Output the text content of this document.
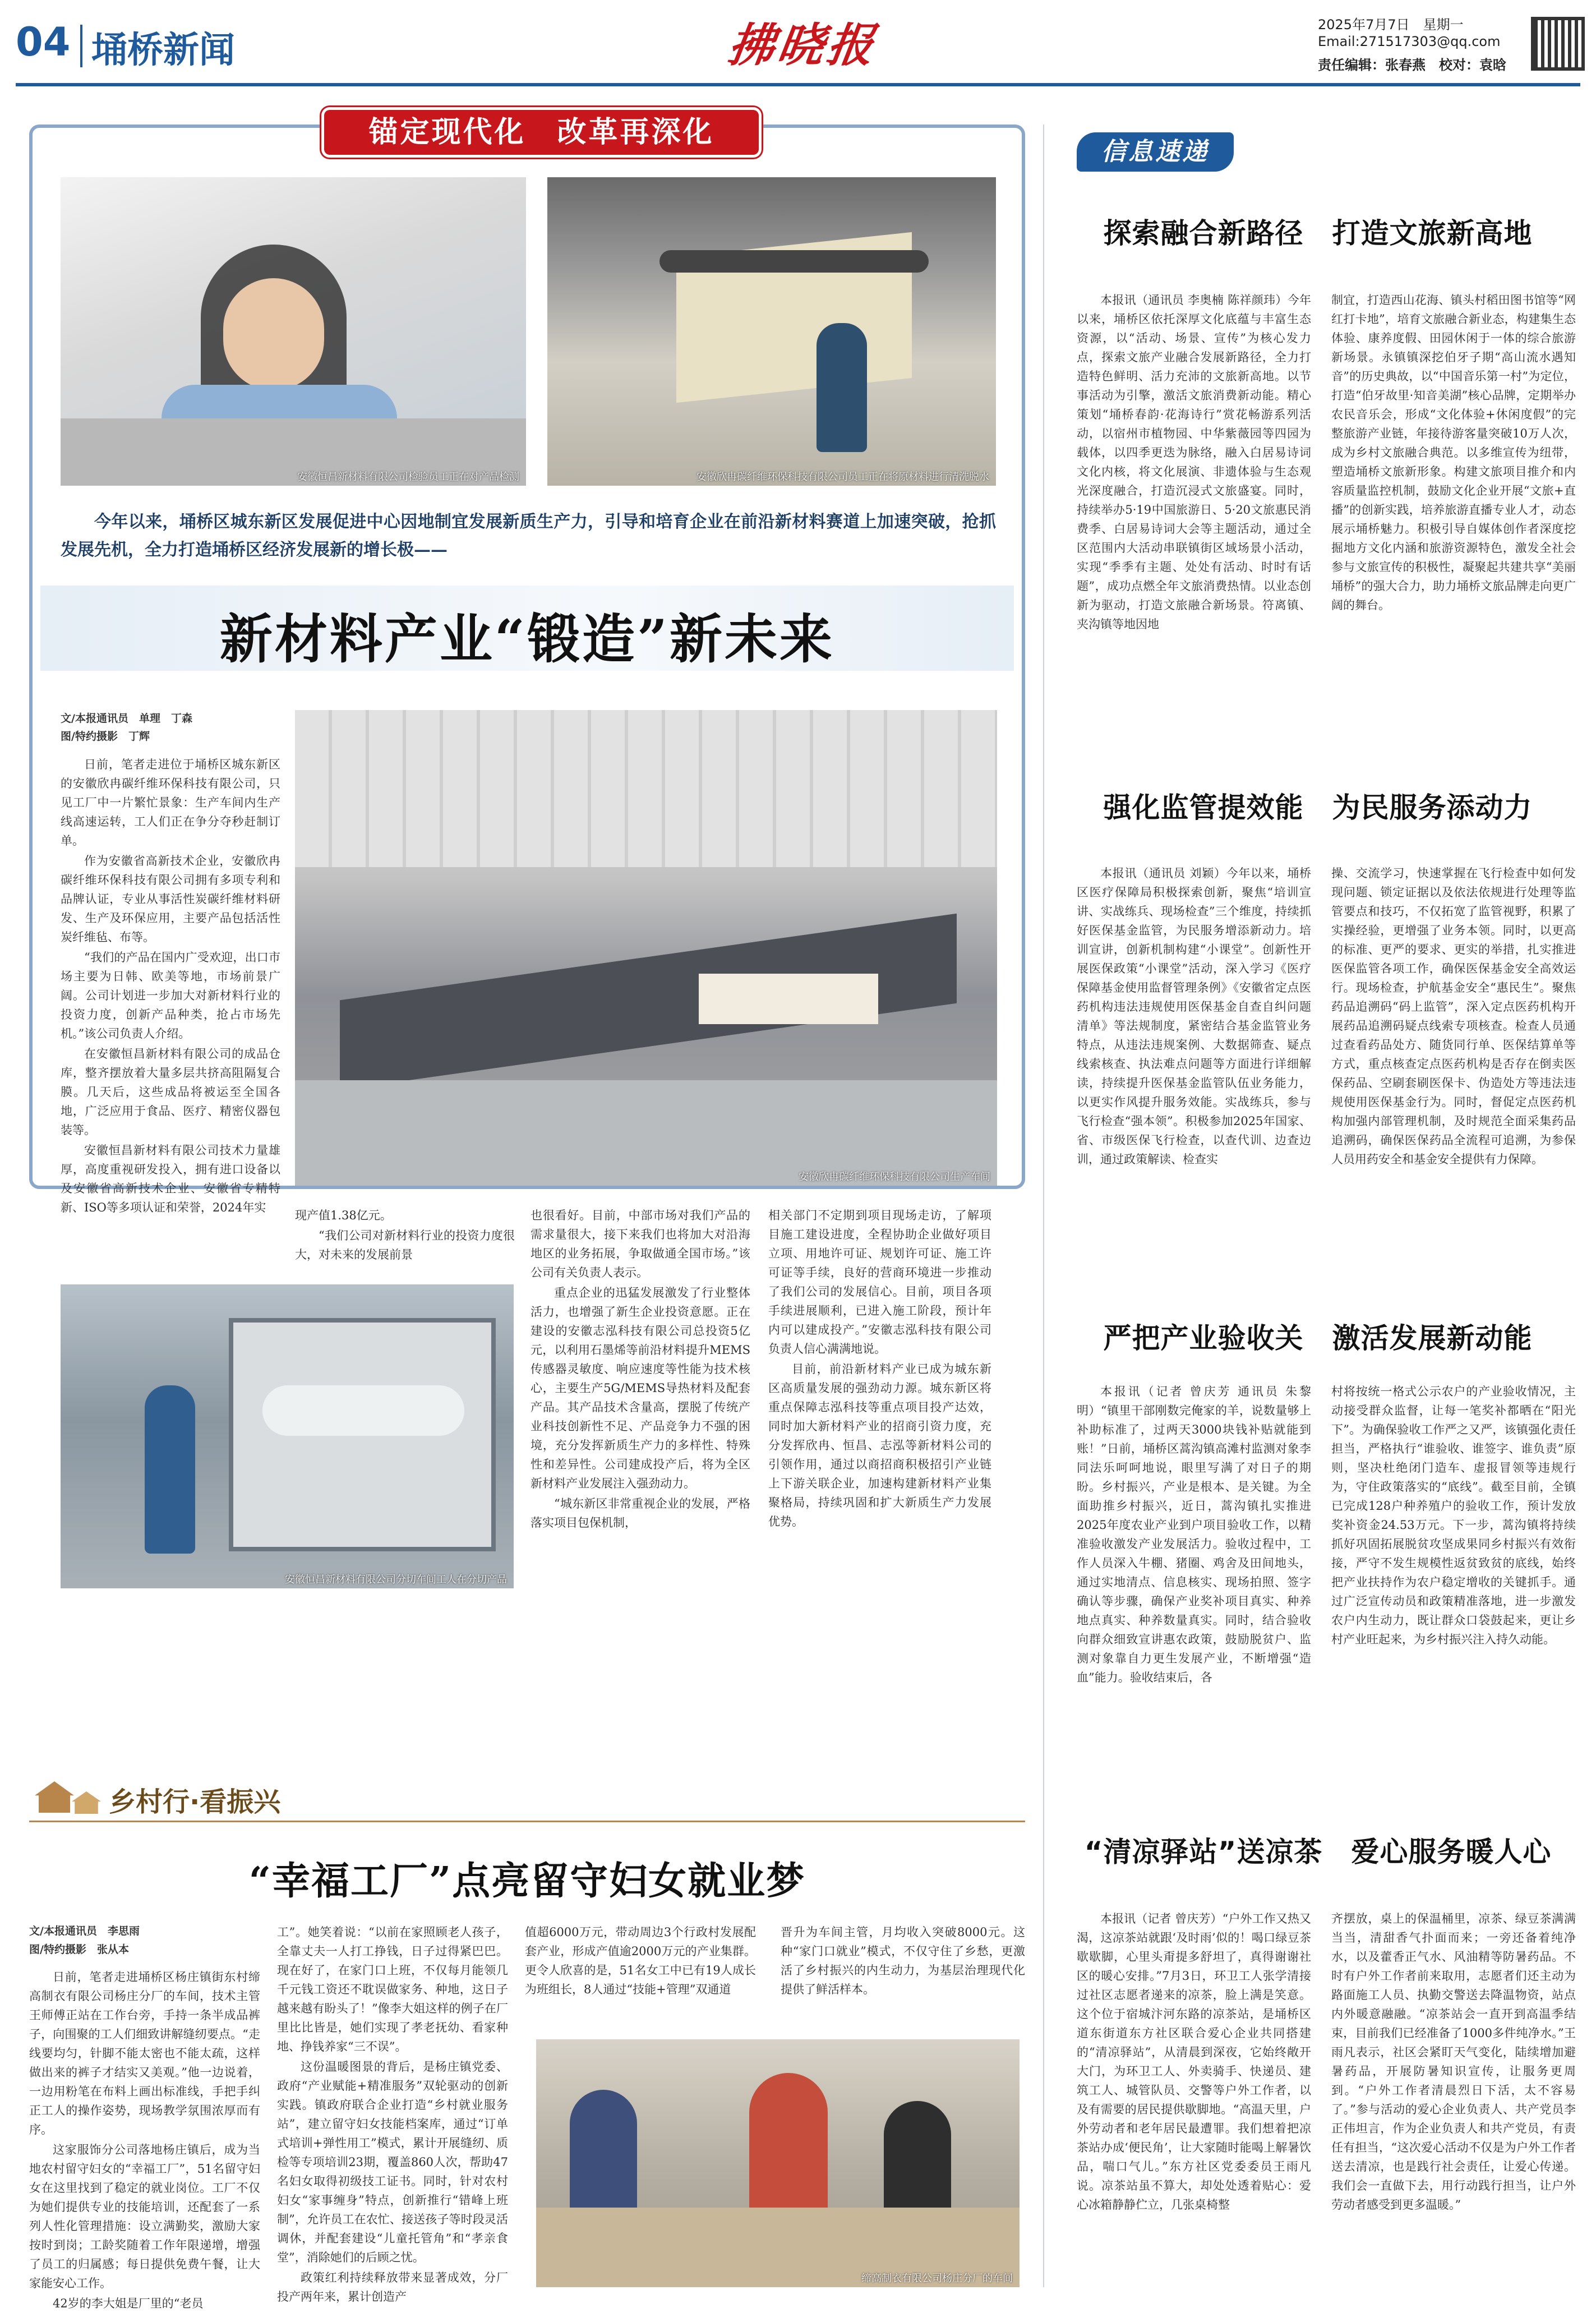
04 埇桥新闻	拂晓报	2025年7月7日　星期一
Email:271517303@qq.com
责任编辑：张春燕　校对：袁晗
锚定现代化　改革再深化
安徽恒昌新材料有限公司检验员工正在对产品检测	安徽欣冉碳纤维环保科技有限公司员工正在将原材料进行清洗脱水
今年以来，埇桥区城东新区发展促进中心因地制宜发展新质生产力，引导和培育企业在前沿新材料赛道上加速突破，抢抓发展先机，全力打造埇桥区经济发展新的增长极——
新材料产业“锻造”新未来
文/本报通讯员　单理　丁森
图/特约摄影　丁辉

日前，笔者走进位于埇桥区城东新区的安徽欣冉碳纤维环保科技有限公司，只见工厂中一片繁忙景象：生产车间内生产线高速运转，工人们正在争分夺秒赶制订单。

作为安徽省高新技术企业，安徽欣冉碳纤维环保科技有限公司拥有多项专利和品牌认证，专业从事活性炭碳纤维材料研发、生产及环保应用，主要产品包括活性炭纤维毡、布等。

“我们的产品在国内广受欢迎，出口市场主要为日韩、欧美等地，市场前景广阔。公司计划进一步加大对新材料行业的投资力度，创新产品种类，抢占市场先机。”该公司负责人介绍。

在安徽恒昌新材料有限公司的成品仓库，整齐摆放着大量多层共挤高阻隔复合膜。几天后，这些成品将被运至全国各地，广泛应用于食品、医疗、精密仪器包装等。

安徽恒昌新材料有限公司技术力量雄厚，高度重视研发投入，拥有进口设备以及安徽省高新技术企业、安徽省专精特新、ISO等多项认证和荣誉，2024年实

安徽欣冉碳纤维环保科技有限公司生产车间

现产值1.38亿元。

“我们公司对新材料行业的投资力度很大，对未来的发展前景

安徽恒昌新材料有限公司分切车间工人在分切产品

也很看好。目前，中部市场对我们产品的需求量很大，接下来我们也将加大对沿海地区的业务拓展，争取做通全国市场。”该公司有关负责人表示。

重点企业的迅猛发展激发了行业整体活力，也增强了新生企业投资意愿。正在建设的安徽志泓科技有限公司总投资5亿元，以利用石墨烯等前沿材料提升MEMS传感器灵敏度、响应速度等性能为技术核心，主要生产5G/MEMS导热材料及配套产品。其产品技术含量高，摆脱了传统产业科技创新性不足、产品竞争力不强的困境，充分发挥新质生产力的多样性、特殊性和差异性。公司建成投产后，将为全区新材料产业发展注入强劲动力。

“城东新区非常重视企业的发展，严格落实项目包保机制，

相关部门不定期到项目现场走访，了解项目施工建设进度，全程协助企业做好项目立项、用地许可证、规划许可证、施工许可证等手续，良好的营商环境进一步推动了我们公司的发展信心。目前，项目各项手续进展顺利，已进入施工阶段，预计年内可以建成投产。”安徽志泓科技有限公司负责人信心满满地说。

目前，前沿新材料产业已成为城东新区高质量发展的强劲动力源。城东新区将重点保障志泓科技等重点项目投产达效，同时加大新材料产业的招商引资力度，充分发挥欣冉、恒昌、志泓等新材料公司的引领作用，通过以商招商积极招引产业链上下游关联企业，加速构建新材料产业集聚格局，持续巩固和扩大新质生产力发展优势。

乡村行·看振兴
“幸福工厂”点亮留守妇女就业梦
文/本报通讯员　李思雨
图/特约摄影　张从本

日前，笔者走进埇桥区杨庄镇街东村缔高制衣有限公司杨庄分厂的车间，技术主管王师傅正站在工作台旁，手持一条半成品裤子，向围聚的工人们细致讲解缝纫要点。“走线要均匀，针脚不能太密也不能太疏，这样做出来的裤子才结实又美观。”他一边说着，一边用粉笔在布料上画出标准线，手把手纠正工人的操作姿势，现场教学氛围浓厚而有序。

这家服饰分公司落地杨庄镇后，成为当地农村留守妇女的“幸福工厂”，51名留守妇女在这里找到了稳定的就业岗位。工厂不仅为她们提供专业的技能培训，还配套了一系列人性化管理措施：设立满勤奖，激励大家按时到岗；工龄奖随着工作年限递增，增强了员工的归属感；每日提供免费午餐，让大家能安心工作。

42岁的李大姐是厂里的“老员

工”。她笑着说：“以前在家照顾老人孩子，全靠丈夫一人打工挣钱，日子过得紧巴巴。现在好了，在家门口上班，不仅每月能领几千元钱工资还不耽误做家务、种地，这日子越来越有盼头了！”像李大姐这样的例子在厂里比比皆是，她们实现了孝老抚幼、看家种地、挣钱养家“三不误”。

这份温暖图景的背后，是杨庄镇党委、政府“产业赋能+精准服务”双轮驱动的创新实践。镇政府联合企业打造“乡村就业服务站”，建立留守妇女技能档案库，通过“订单式培训+弹性用工”模式，累计开展缝纫、质检等专项培训23期，覆盖860人次，帮助47名妇女取得初级技工证书。同时，针对农村妇女“家事缠身”特点，创新推行“错峰上班制”，允许员工在农忙、接送孩子等时段灵活调休，并配套建设“儿童托管角”和“孝亲食堂”，消除她们的后顾之忧。

政策红利持续释放带来显著成效，分厂投产两年来，累计创造产

值超6000万元，带动周边3个行政村发展配套产业，形成产值逾2000万元的产业集群。更令人欣喜的是，51名女工中已有19人成长为班组长，8人通过“技能+管理”双通道

晋升为车间主管，月均收入突破8000元。这种“家门口就业”模式，不仅守住了乡愁，更激活了乡村振兴的内生动力，为基层治理现代化提供了鲜活样本。

缔高制衣有限公司杨庄分厂的车间
信息速递
探索融合新路径　打造文旅新高地
本报讯（通讯员 李奥楠 陈祥颜玮）今年以来，埇桥区依托深厚文化底蕴与丰富生态资源，以“活动、场景、宣传”为核心发力点，探索文旅产业融合发展新路径，全力打造特色鲜明、活力充沛的文旅新高地。以节事活动为引擎，激活文旅消费新动能。精心策划“埇桥春韵·花海诗行”赏花畅游系列活动，以宿州市植物园、中华紫薇园等四园为载体，以四季更迭为脉络，融入白居易诗词文化内核，将文化展演、非遗体验与生态观光深度融合，打造沉浸式文旅盛宴。同时，持续举办5·19中国旅游日、5·20文旅惠民消费季、白居易诗词大会等主题活动，通过全区范围内大活动串联镇街区域场景小活动，实现“季季有主题、处处有活动、时时有话题”，成功点燃全年文旅消费热情。以业态创新为驱动，打造文旅融合新场景。符离镇、夹沟镇等地因地
制宜，打造西山花海、镇头村稻田图书馆等“网红打卡地”，培育文旅融合新业态，构建集生态体验、康养度假、田园休闲于一体的综合旅游新场景。永镇镇深挖伯牙子期“高山流水遇知音”的历史典故，以“中国音乐第一村”为定位，打造“伯牙故里·知音美湖”核心品牌，定期举办农民音乐会，形成“文化体验+休闲度假”的完整旅游产业链，年接待游客量突破10万人次，成为乡村文旅融合典范。以多维宣传为纽带，塑造埇桥文旅新形象。构建文旅项目推介和内容质量监控机制，鼓励文化企业开展“文旅+直播”的创新实践，培养旅游直播专业人才，动态展示埇桥魅力。积极引导自媒体创作者深度挖掘地方文化内涵和旅游资源特色，激发全社会参与文旅宣传的积极性，凝聚起共建共享“美丽埇桥”的强大合力，助力埇桥文旅品牌走向更广阔的舞台。
强化监管提效能　为民服务添动力
本报讯（通讯员 刘颖）今年以来，埇桥区医疗保障局积极探索创新，聚焦“培训宣讲、实战练兵、现场检查”三个维度，持续抓好医保基金监管，为民服务增添新动力。培训宣讲，创新机制构建“小课堂”。创新性开展医保政策“小课堂”活动，深入学习《医疗保障基金使用监督管理条例》《安徽省定点医药机构违法违规使用医保基金自查自纠问题清单》等法规制度，紧密结合基金监管业务特点，从违法违规案例、大数据筛查、疑点线索核查、执法难点问题等方面进行详细解读，持续提升医保基金监管队伍业务能力，以更实作风提升服务效能。实战练兵，参与飞行检查“强本领”。积极参加2025年国家、省、市级医保飞行检查，以查代训、边查边训，通过政策解读、检查实
操、交流学习，快速掌握在飞行检查中如何发现问题、锁定证据以及依法依规进行处理等监管要点和技巧，不仅拓宽了监管视野，积累了实操经验，更增强了业务本领。同时，以更高的标准、更严的要求、更实的举措，扎实推进医保监管各项工作，确保医保基金安全高效运行。现场检查，护航基金安全“惠民生”。聚焦药品追溯码“码上监管”，深入定点医药机构开展药品追溯码疑点线索专项核查。检查人员通过查看药品处方、随货同行单、医保结算单等方式，重点核查定点医药机构是否存在倒卖医保药品、空刷套刷医保卡、伪造处方等违法违规使用医保基金行为。同时，督促定点医药机构加强内部管理机制，及时规范全面采集药品追溯码，确保医保药品全流程可追溯，为参保人员用药安全和基金安全提供有力保障。
严把产业验收关　激活发展新动能
本报讯（记者 曾庆芳 通讯员 朱黎明）“镇里干部刚数完俺家的羊，说数量够上补助标准了，过两天3000块钱补贴就能到账！”日前，埇桥区蒿沟镇高滩村监测对象李同法乐呵呵地说，眼里写满了对日子的期盼。乡村振兴，产业是根本、是关键。为全面助推乡村振兴，近日，蒿沟镇扎实推进2025年度农业产业到户项目验收工作，以精准验收激发产业发展活力。验收过程中，工作人员深入牛棚、猪圈、鸡舍及田间地头，通过实地清点、信息核实、现场拍照、签字确认等步骤，确保产业奖补项目真实、种养地点真实、种养数量真实。同时，结合验收向群众细致宣讲惠农政策，鼓励脱贫户、监测对象靠自力更生发展产业，不断增强“造血”能力。验收结束后，各
村将按统一格式公示农户的产业验收情况，主动接受群众监督，让每一笔奖补都晒在“阳光下”。为确保验收工作严之又严，该镇强化责任担当，严格执行“谁验收、谁签字、谁负责”原则，坚决杜绝闭门造车、虚报冒领等违规行为，守住政策落实的“底线”。截至目前，全镇已完成128户种养殖户的验收工作，预计发放奖补资金24.53万元。下一步，蒿沟镇将持续抓好巩固拓展脱贫攻坚成果同乡村振兴有效衔接，严守不发生规模性返贫致贫的底线，始终把产业扶持作为农户稳定增收的关键抓手。通过广泛宣传动员和政策精准落地，进一步激发农户内生动力，既让群众口袋鼓起来，更让乡村产业旺起来，为乡村振兴注入持久动能。
“清凉驿站”送凉茶　爱心服务暖人心
本报讯（记者 曾庆芳）“户外工作又热又渴，这凉茶站就跟‘及时雨’似的！喝口绿豆茶歇歇脚，心里头甭提多舒坦了，真得谢谢社区的暖心安排。”7月3日，环卫工人张学清接过社区志愿者递来的凉茶，脸上满是笑意。这个位于宿城汴河东路的凉茶站，是埇桥区道东街道东方社区联合爱心企业共同搭建的“清凉驿站”，从清晨到深夜，它始终敞开大门，为环卫工人、外卖骑手、快递员、建筑工人、城管队员、交警等户外工作者，以及有需要的居民提供歇脚地。“高温天里，户外劳动者和老年居民最遭罪。我们想着把凉茶站办成‘便民角’，让大家随时能喝上解暑饮品，喘口气儿。”东方社区党委委员王雨凡说。凉茶站虽不算大，却处处透着贴心：爱心冰箱静静伫立，几张桌椅整
齐摆放，桌上的保温桶里，凉茶、绿豆茶满满当当，清甜香气扑面而来；一旁还备着纯净水，以及藿香正气水、风油精等防暑药品。不时有户外工作者前来取用，志愿者们还主动为路面施工人员、执勤交警送去降温物资，站点内外暖意融融。“凉茶站会一直开到高温季结束，目前我们已经准备了1000多件纯净水。”王雨凡表示，社区会紧盯天气变化，陆续增加避暑药品，开展防暑知识宣传，让服务更周到。“户外工作者清晨烈日下活，太不容易了。”参与活动的爱心企业负责人、共产党员李正伟坦言，作为企业负责人和共产党员，有责任有担当，“这次爱心活动不仅是为户外工作者送去清凉，也是践行社会责任，让爱心传递。我们会一直做下去，用行动践行担当，让户外劳动者感受到更多温暖。”
